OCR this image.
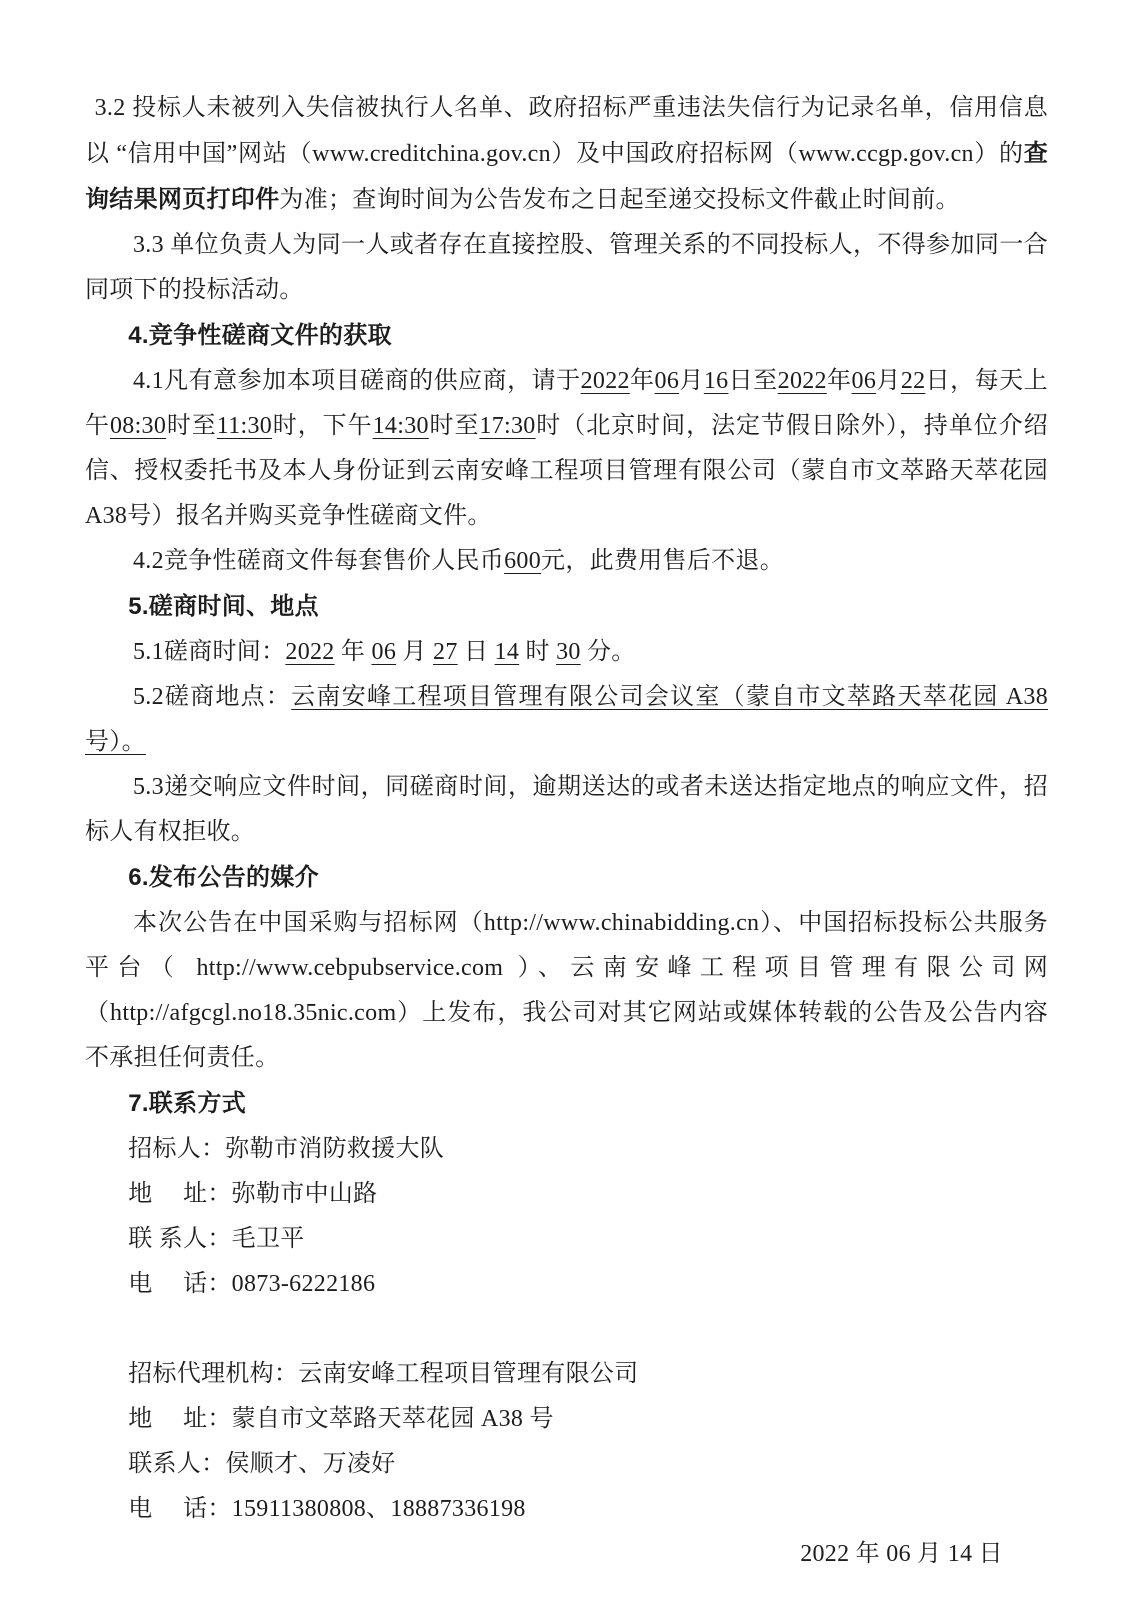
3.2 投标人未被列入失信被执行人名单、政府招标严重违法失信行为记录名单，信用信息以 “信用中国”网站（www.creditchina.gov.cn）及中国政府招标网（www.ccgp.gov.cn）的查询结果网页打印件为准；查询时间为公告发布之日起至递交投标文件截止时间前。

3.3 单位负责人为同一人或者存在直接控股、管理关系的不同投标人，不得参加同一合同项下的投标活动。

4.竞争性磋商文件的获取

4.1凡有意参加本项目磋商的供应商，请于2022年06月16日至2022年06月22日，每天上午08:30时至11:30时，下午14:30时至17:30时（北京时间，法定节假日除外），持单位介绍信、授权委托书及本人身份证到云南安峰工程项目管理有限公司（蒙自市文萃路天萃花园A38号）报名并购买竞争性磋商文件。

4.2竞争性磋商文件每套售价人民币600元，此费用售后不退。

5.磋商时间、地点

5.1磋商时间：2022 年 06 月 27 日 14 时 30 分。

5.2磋商地点：云南安峰工程项目管理有限公司会议室（蒙自市文萃路天萃花园 A38 号）。

5.3递交响应文件时间，同磋商时间，逾期送达的或者未送达指定地点的响应文件，招标人有权拒收。

6.发布公告的媒介

本次公告在中国采购与招标网（http://www.chinabidding.cn）、中国招标投标公共服务平台（ http://www.cebpubservice.com ）、云南安峰工程项目管理有限公司网（http://afgcgl.no18.35nic.com）上发布，我公司对其它网站或媒体转载的公告及公告内容不承担任何责任。

7.联系方式

招标人：弥勒市消防救援大队

地　 址：弥勒市中山路

联 系人：毛卫平

电　 话：0873-6222186

招标代理机构：云南安峰工程项目管理有限公司

地　 址：蒙自市文萃路天萃花园 A38 号

联系人：侯顺才、万凌好

电　 话：15911380808、18887336198

2022 年 06 月 14 日
